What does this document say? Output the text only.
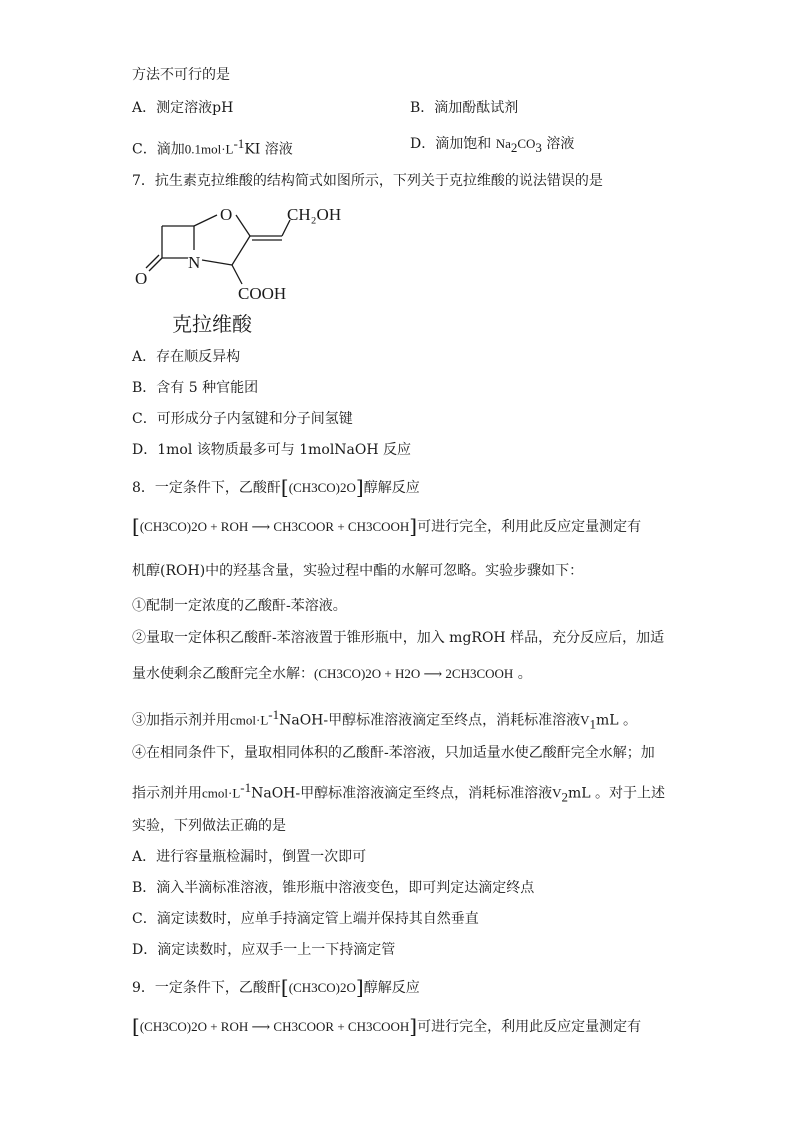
方法不可行的是
A．测定溶液pH	B．滴加酚酞试剂
C．滴加$0.1mol\cdot L^{-1}KI$ 溶液	D．滴加饱和 $Na_2CO_3$ 溶液
7．抗生素克拉维酸的结构简式如图所示，下列关于克拉维酸的说法错误的是
O
N
O
CH₂OH
COOH
克拉维酸
A．存在顺反异构
B．含有 5 种官能团
C．可形成分子内氢键和分子间氢键
D．1mol 该物质最多可与 1molNaOH 反应
8．一定条件下，乙酸酐[(CH3CO)2O]醇解反应
[(CH3CO)2O + ROH ⟶ CH3COOR + CH3COOH]可进行完全，利用此反应定量测定有
机醇(ROH)中的羟基含量，实验过程中酯的水解可忽略。实验步骤如下：
①配制一定浓度的乙酸酐-苯溶液。
②量取一定体积乙酸酐-苯溶液置于锥形瓶中，加入 mgROH 样品，充分反应后，加适
量水使剩余乙酸酐完全水解：(CH3CO)2O + H2O ⟶ 2CH3COOH 。
③加指示剂并用$cmol\cdot L^{-1}NaOH-$甲醇标准溶液滴定至终点，消耗标准溶液$V_1mL$ 。
④在相同条件下，量取相同体积的乙酸酐-苯溶液，只加适量水使乙酸酐完全水解；加
指示剂并用$cmol\cdot L^{-1}NaOH-$甲醇标准溶液滴定至终点，消耗标准溶液$V_2mL$ 。对于上述
实验，下列做法正确的是
A．进行容量瓶检漏时，倒置一次即可
B．滴入半滴标准溶液，锥形瓶中溶液变色，即可判定达滴定终点
C．滴定读数时，应单手持滴定管上端并保持其自然垂直
D．滴定读数时，应双手一上一下持滴定管
9．一定条件下，乙酸酐[(CH3CO)2O]醇解反应
[(CH3CO)2O + ROH ⟶ CH3COOR + CH3COOH]可进行完全，利用此反应定量测定有
